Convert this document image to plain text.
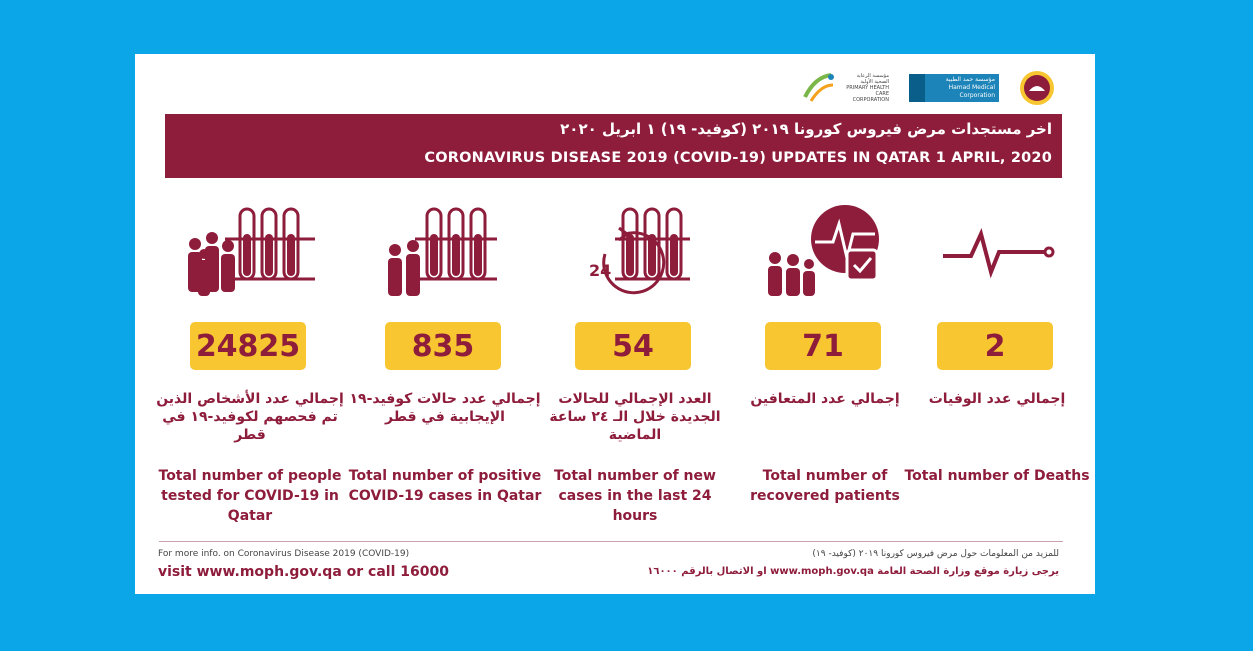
مؤسسة الرعاية الصحية الأولية PRIMARY HEALTH CARE CORPORATION
مؤسسة حمد الطبية
Hamad Medical Corporation
اخر مستجدات مرض فيروس كورونا ٢٠١٩ (كوفيد- ١٩) ١ ابريل ٢٠٢٠
CORONAVIRUS DISEASE 2019 (COVID-19) UPDATES IN QATAR 1 APRIL, 2020
24825
إجمالي عدد الأشخاص الذين تم فحصهم لكوفيد-١٩ في قطر
Total number of people tested for COVID-19 in Qatar
835
إجمالي عدد حالات كوفيد-١٩ الإيجابية في قطر
Total number of positive COVID-19 cases in Qatar
24
54
العدد الإجمالي للحالات الجديدة خلال الـ ٢٤ ساعة الماضية
Total number of new cases in the last 24 hours
71
إجمالي عدد المتعافين
Total number of recovered patients
2
إجمالي عدد الوفيات
Total number of Deaths
For more info. on Coronavirus Disease 2019 (COVID-19)
visit www.moph.gov.qa or call 16000
للمزيد من المعلومات حول مرض فيروس كورونا ٢٠١٩ (كوفيد- ١٩)
يرجى زيارة موقع وزارة الصحة العامة www.moph.gov.qa او الاتصال بالرقم ١٦٠٠٠
